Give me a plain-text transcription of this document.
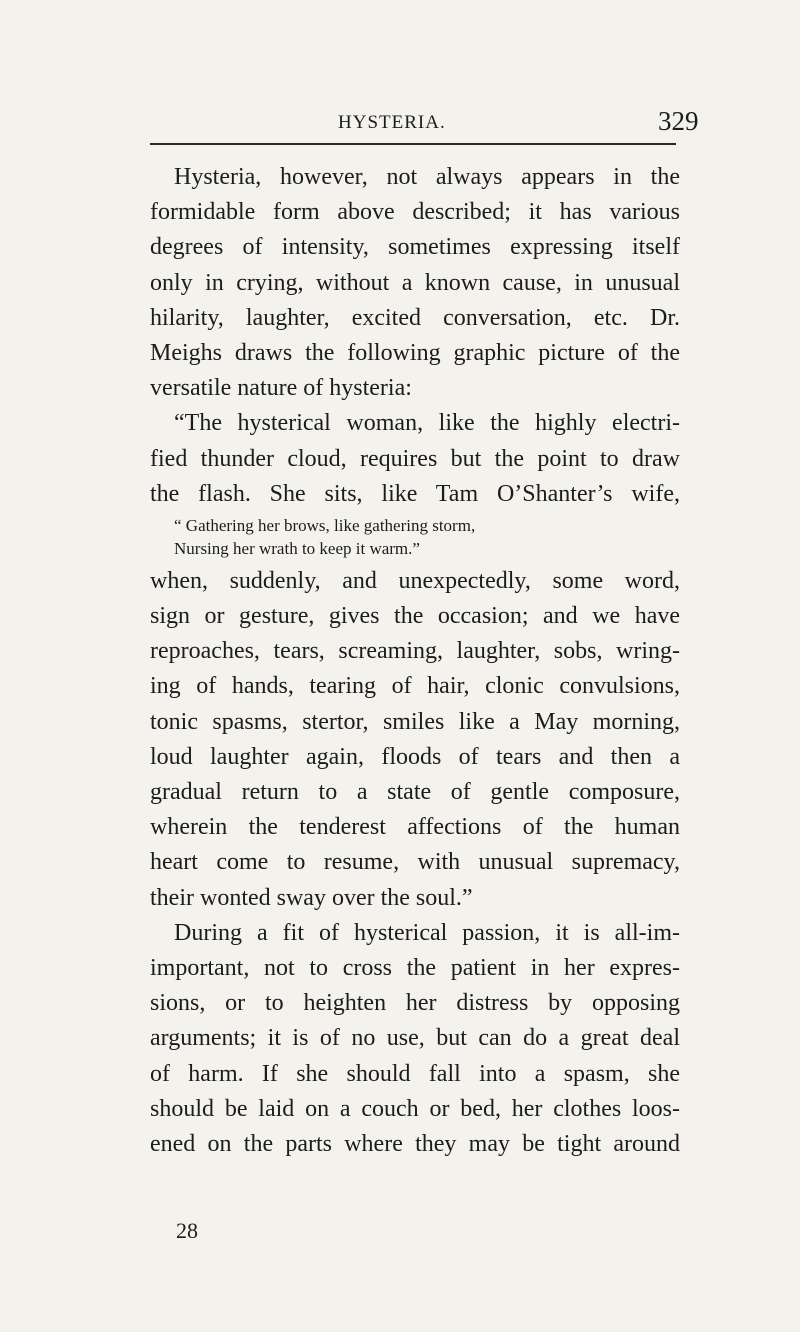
HYSTERIA.	329
Hysteria, however, not always appears in the
formidable form above described; it has various
degrees of intensity, sometimes expressing itself
only in crying, without a known cause, in unusual
hilarity, laughter, excited conversation, etc. Dr.
Meighs draws the following graphic picture of the
versatile nature of hysteria:
“The hysterical woman, like the highly electri-
fied thunder cloud, requires but the point to draw
the flash. She sits, like Tam O’Shanter’s wife,
“ Gathering her brows, like gathering storm,
Nursing her wrath to keep it warm.”
when, suddenly, and unexpectedly, some word,
sign or gesture, gives the occasion; and we have
reproaches, tears, screaming, laughter, sobs, wring-
ing of hands, tearing of hair, clonic convulsions,
tonic spasms, stertor, smiles like a May morning,
loud laughter again, floods of tears and then a
gradual return to a state of gentle composure,
wherein the tenderest affections of the human
heart come to resume, with unusual supremacy,
their wonted sway over the soul.”
During a fit of hysterical passion, it is all-im-
important, not to cross the patient in her expres-
sions, or to heighten her distress by opposing
arguments; it is of no use, but can do a great deal
of harm. If she should fall into a spasm, she
should be laid on a couch or bed, her clothes loos-
ened on the parts where they may be tight around
28
